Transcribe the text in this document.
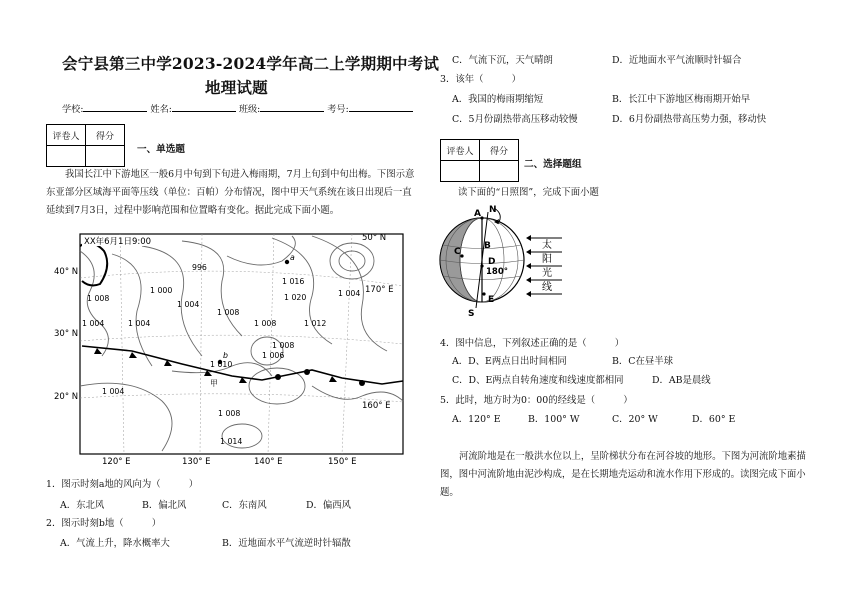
会宁县第三中学2023-2024学年高二上学期期中考试
地理试题
学校:	姓名:	班级:	考号:
评卷人	得分

一、单选题
我国长江中下游地区一般6月中旬到下旬进入梅雨期，7月上旬到中旬出梅。下图示意东亚部分区域海平面等压线（单位：百帕）分布情况，图中甲天气系统在该日出现后一直延续到7月3日，过程中影响范围和位置略有变化。据此完成下面小题。
XX年6月1日9:00
40° N
30° N
20° N
120° E	130° E	140° E	150° E
50° N
170° E
160° E
996
1 000
1 004
1 008
1 008
1 004	1 004	1 008	1 012
1 016
1 020	1 004
1 010
1 006
1 008
1 014
1 008
1 004
a
b
甲
1．图示时刻a地的风向为（　　　）
A．东北风	B．偏北风	C．东南风	D．偏西风
2．图示时刻b地（　　　）
A．气流上升，降水概率大	B．近地面水平气流逆时针辐散
C．气流下沉，天气晴朗	D．近地面水平气流顺时针辐合
3．该年（　　　）
A．我国的梅雨期缩短	B．长江中下游地区梅雨期开始早
C．5月份副热带高压移动较慢	D．6月份副热带高压势力强，移动快
评卷人	得分

二、选择题组
读下面的“日照图”，完成下面小题
A N
B
C
D
E
S
180°
太
阳
光
线
4．图中信息，下列叙述正确的是（　　　）
A．D、E两点日出时间相同	B．C在昼半球
C．D、E两点自转角速度和线速度都相同	D．AB是晨线
5．此时，地方时为0：00的经线是（　　　）
A．120° E	B．100° W	C．20° W	D．60° E
河流阶地是在一般洪水位以上，呈阶梯状分布在河谷坡的地形。下图为河流阶地素描图，图中河流阶地由泥沙构成，是在长期地壳运动和流水作用下形成的。读图完成下面小题。
